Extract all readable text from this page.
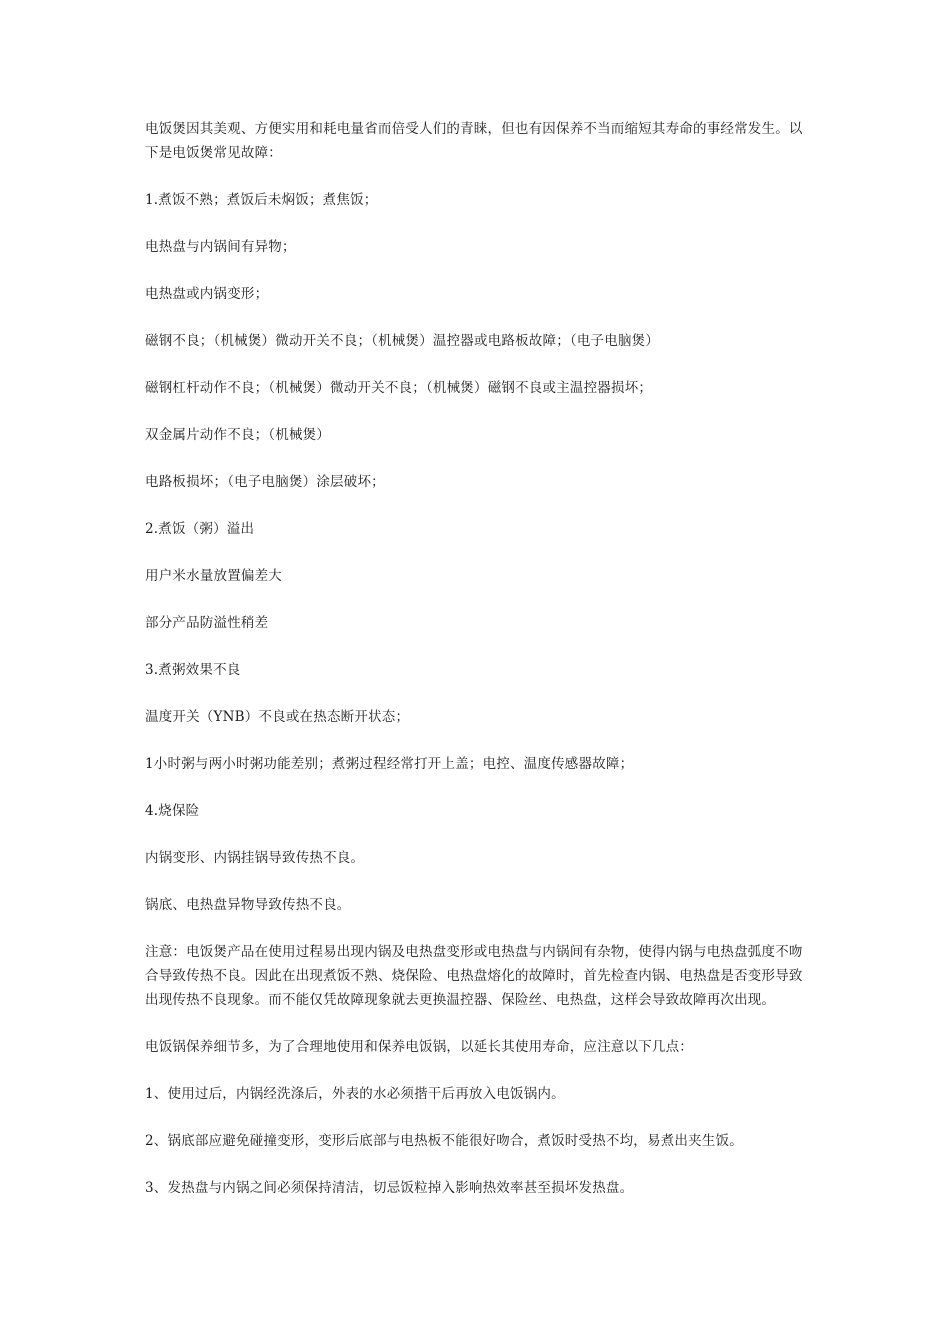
电饭煲因其美观、方便实用和耗电量省而倍受人们的青睐，但也有因保养不当而缩短其寿命的事经常发生。以下是电饭煲常见故障：

1.煮饭不熟；煮饭后未焖饭；煮焦饭；

电热盘与内锅间有异物；

电热盘或内锅变形；

磁钢不良；（机械煲）微动开关不良；（机械煲）温控器或电路板故障；（电子电脑煲）

磁钢杠杆动作不良；（机械煲）微动开关不良；（机械煲）磁钢不良或主温控器损坏；

双金属片动作不良；（机械煲）

电路板损坏；（电子电脑煲）涂层破坏；

2.煮饭（粥）溢出

用户米水量放置偏差大

部分产品防溢性稍差

3.煮粥效果不良

温度开关（YNB）不良或在热态断开状态；

1小时粥与两小时粥功能差别；煮粥过程经常打开上盖；电控、温度传感器故障；

4.烧保险

内锅变形、内锅挂锅导致传热不良。

锅底、电热盘异物导致传热不良。

注意：电饭煲产品在使用过程易出现内锅及电热盘变形或电热盘与内锅间有杂物，使得内锅与电热盘弧度不吻合导致传热不良。因此在出现煮饭不熟、烧保险、电热盘熔化的故障时，首先检查内锅、电热盘是否变形导致出现传热不良现象。而不能仅凭故障现象就去更换温控器、保险丝、电热盘，这样会导致故障再次出现。

电饭锅保养细节多，为了合理地使用和保养电饭锅，以延长其使用寿命，应注意以下几点：

1、使用过后，内锅经洗涤后，外表的水必须揩干后再放入电饭锅内。

2、锅底部应避免碰撞变形，变形后底部与电热板不能很好吻合，煮饭时受热不均，易煮出夹生饭。

3、发热盘与内锅之间必须保持清洁，切忌饭粒掉入影响热效率甚至损坏发热盘。
